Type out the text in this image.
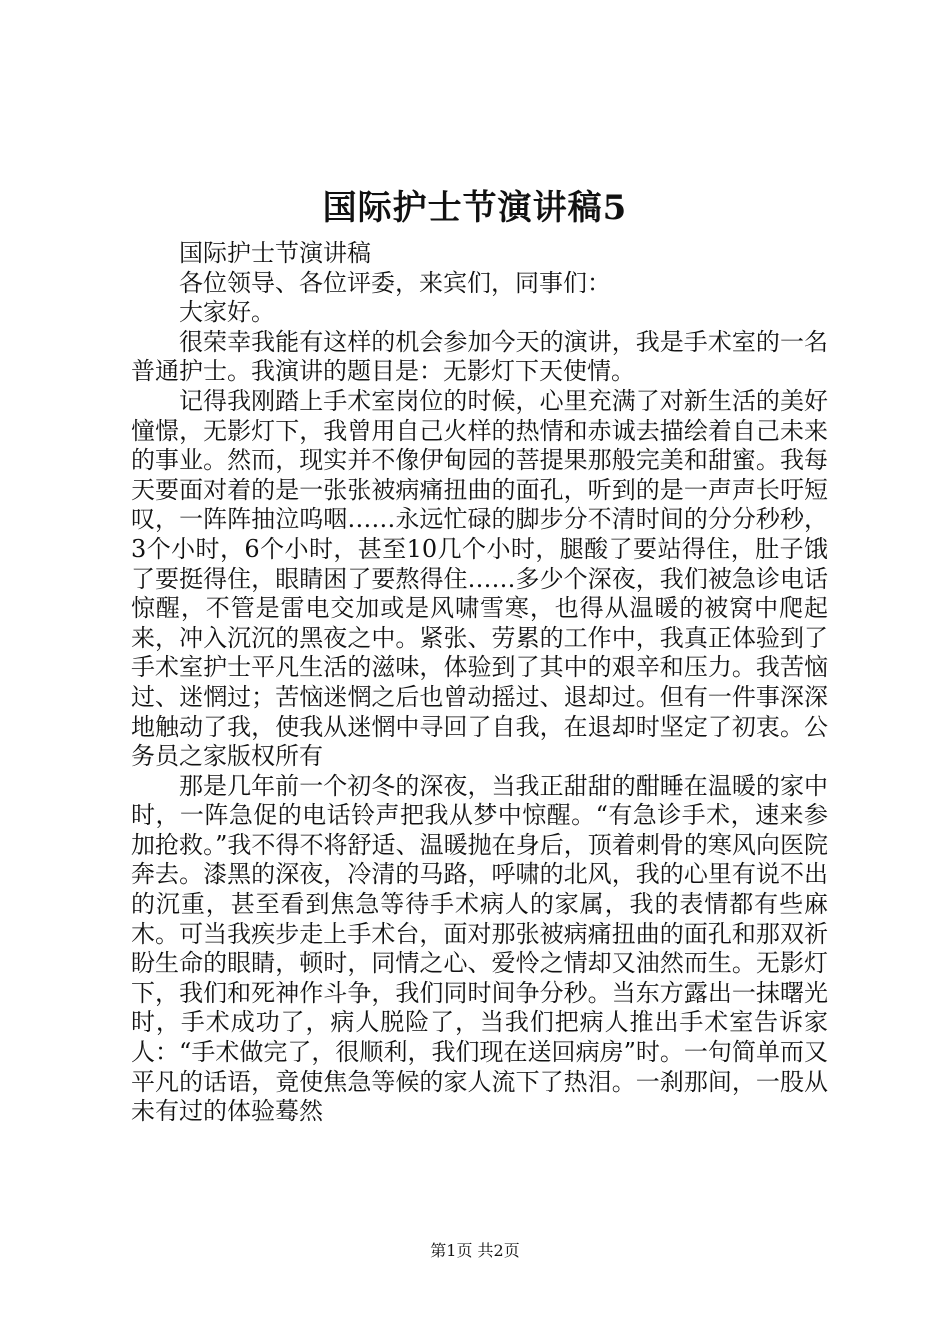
国际护士节演讲稿5

国际护士节演讲稿

各位领导、各位评委，来宾们，同事们：

大家好。

很荣幸我能有这样的机会参加今天的演讲，我是手术室的一名普通护士。我演讲的题目是：无影灯下天使情。

记得我刚踏上手术室岗位的时候，心里充满了对新生活的美好憧憬，无影灯下，我曾用自己火样的热情和赤诚去描绘着自己未来的事业。然而，现实并不像伊甸园的菩提果那般完美和甜蜜。我每天要面对着的是一张张被病痛扭曲的面孔，听到的是一声声长吁短叹，一阵阵抽泣呜咽……永远忙碌的脚步分不清时间的分分秒秒，3个小时，6个小时，甚至10几个小时，腿酸了要站得住，肚子饿了要挺得住，眼睛困了要熬得住……多少个深夜，我们被急诊电话惊醒，不管是雷电交加或是风啸雪寒，也得从温暖的被窝中爬起来，冲入沉沉的黑夜之中。紧张、劳累的工作中，我真正体验到了手术室护士平凡生活的滋味，体验到了其中的艰辛和压力。我苦恼过、迷惘过；苦恼迷惘之后也曾动摇过、退却过。但有一件事深深地触动了我，使我从迷惘中寻回了自我，在退却时坚定了初衷。公务员之家版权所有

那是几年前一个初冬的深夜，当我正甜甜的酣睡在温暖的家中时，一阵急促的电话铃声把我从梦中惊醒。“有急诊手术，速来参加抢救。”我不得不将舒适、温暖抛在身后，顶着刺骨的寒风向医院奔去。漆黑的深夜，冷清的马路，呼啸的北风，我的心里有说不出的沉重，甚至看到焦急等待手术病人的家属，我的表情都有些麻木。可当我疾步走上手术台，面对那张被病痛扭曲的面孔和那双祈盼生命的眼睛，顿时，同情之心、爱怜之情却又油然而生。无影灯下，我们和死神作斗争，我们同时间争分秒。当东方露出一抹曙光时，手术成功了，病人脱险了，当我们把病人推出手术室告诉家人：“手术做完了，很顺利，我们现在送回病房”时。一句简单而又平凡的话语，竟使焦急等候的家人流下了热泪。一刹那间，一股从未有过的体验蓦然

第1页 共2页
